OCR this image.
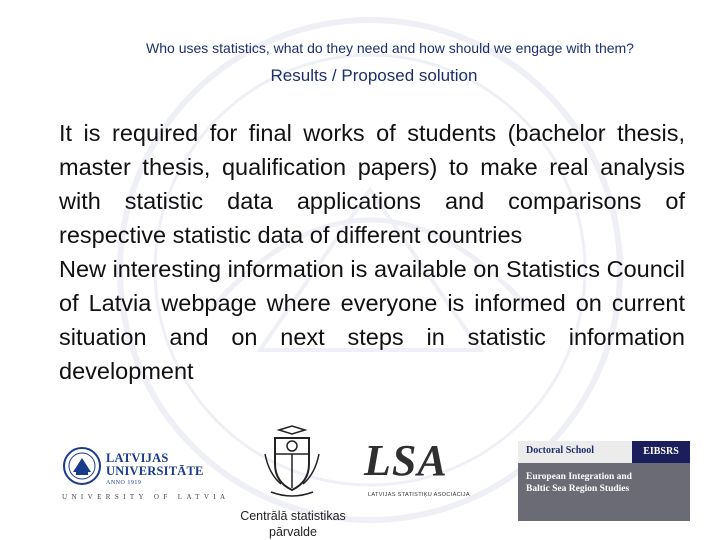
Who uses statistics, what do they need and how should we engage with them?
Results / Proposed solution

It is required for final works of students (bachelor thesis, master thesis, qualification papers) to make real analysis with statistic data applications and comparisons of respective statistic data of different countries

New interesting information is available on Statistics Council of Latvia webpage where everyone is informed on current situation and on next steps in statistic information development

LATVIJAS
UNIVERSITĀTE
ANNO 1919
UNIVERSITY OF LATVIA
Centrālā statistikas
pārvalde
LSA
LATVIJAS STATISTIĶU ASOCIĀCIJA
Doctoral School	EIBSRS
European Integration and
Baltic Sea Region Studies
